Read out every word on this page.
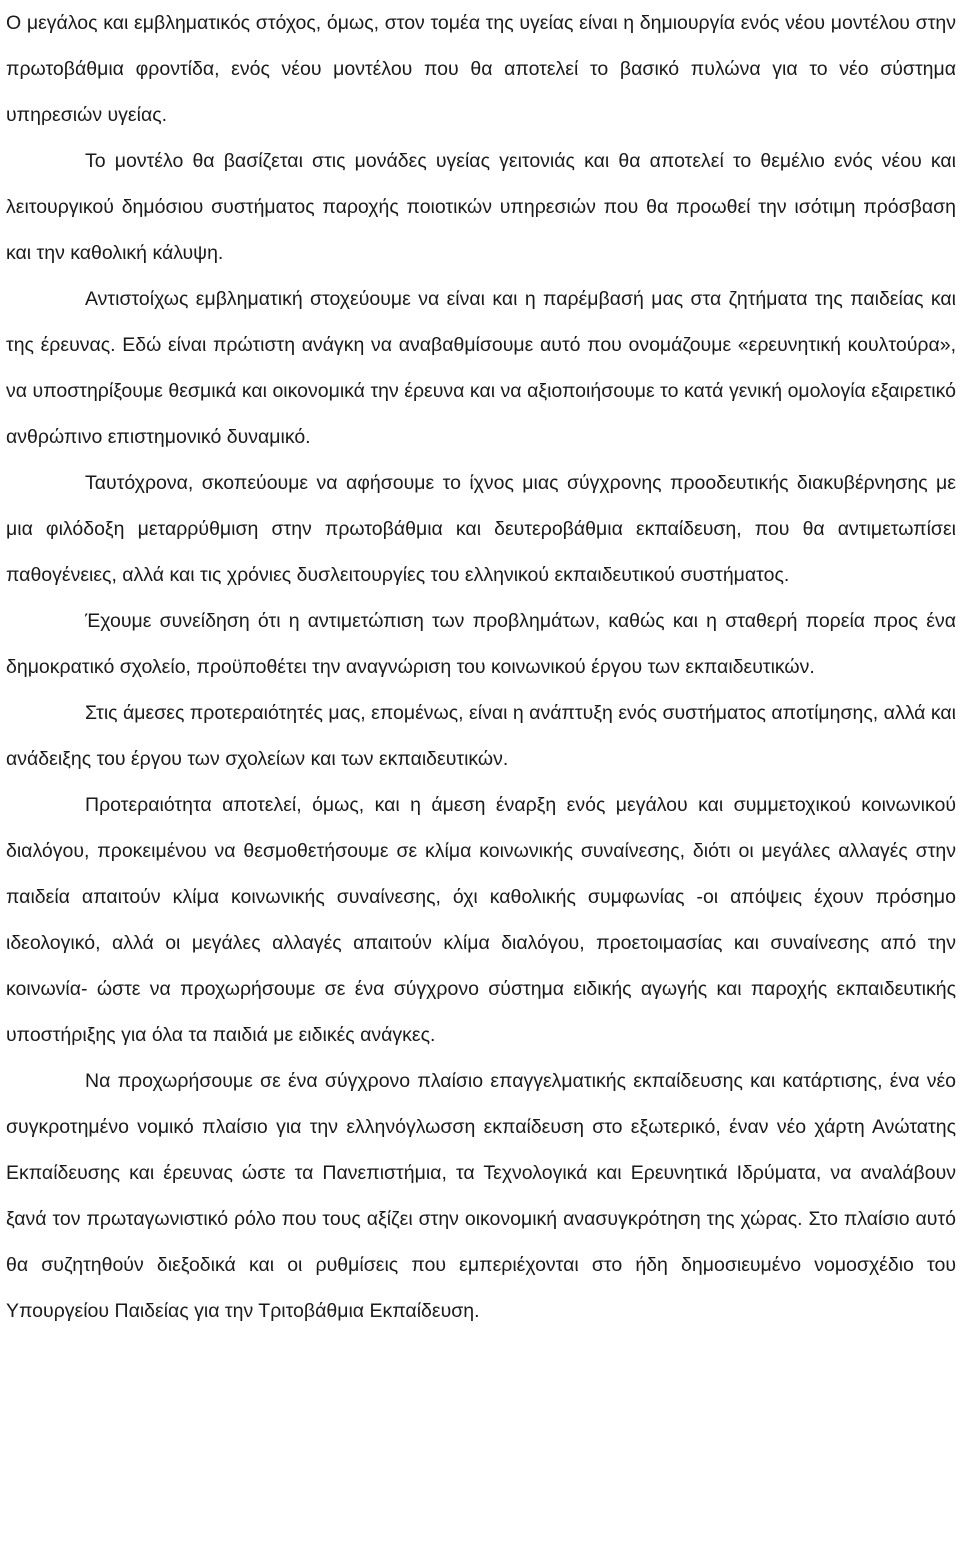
Ο μεγάλος και εμβληματικός στόχος, όμως, στον τομέα της υγείας είναι η δημιουργία ενός νέου μοντέλου στην πρωτοβάθμια φροντίδα, ενός νέου μοντέλου που θα αποτελεί το βασικό πυλώνα για το νέο σύστημα υπηρεσιών υγείας.

Το μοντέλο θα βασίζεται στις μονάδες υγείας γειτονιάς και θα αποτελεί το θεμέλιο ενός νέου και λειτουργικού δημόσιου συστήματος παροχής ποιοτικών υπηρεσιών που θα προωθεί την ισότιμη πρόσβαση και την καθολική κάλυψη.

Αντιστοίχως εμβληματική στοχεύουμε να είναι και η παρέμβασή μας στα ζητήματα της παιδείας και της έρευνας. Εδώ είναι πρώτιστη ανάγκη να αναβαθμίσουμε αυτό που ονομάζουμε «ερευνητική κουλτούρα», να υποστηρίξουμε θεσμικά και οικονομικά την έρευνα και να αξιοποιήσουμε το κατά γενική ομολογία εξαιρετικό ανθρώπινο επιστημονικό δυναμικό.

Ταυτόχρονα, σκοπεύουμε να αφήσουμε το ίχνος μιας σύγχρονης προοδευτικής διακυβέρνησης με μια φιλόδοξη μεταρρύθμιση στην πρωτοβάθμια και δευτεροβάθμια εκπαίδευση, που θα αντιμετωπίσει παθογένειες, αλλά και τις χρόνιες δυσλειτουργίες του ελληνικού εκπαιδευτικού συστήματος.

Έχουμε συνείδηση ότι η αντιμετώπιση των προβλημάτων, καθώς και η σταθερή πορεία προς ένα δημοκρατικό σχολείο, προϋποθέτει την αναγνώριση του κοινωνικού έργου των εκπαιδευτικών.

Στις άμεσες προτεραιότητές μας, επομένως, είναι η ανάπτυξη ενός συστήματος αποτίμησης, αλλά και ανάδειξης του έργου των σχολείων και των εκπαιδευτικών.

Προτεραιότητα αποτελεί, όμως, και η άμεση έναρξη ενός μεγάλου και συμμετοχικού κοινωνικού διαλόγου, προκειμένου να θεσμοθετήσουμε σε κλίμα κοινωνικής συναίνεσης, διότι οι μεγάλες αλλαγές στην παιδεία απαιτούν κλίμα κοινωνικής συναίνεσης, όχι καθολικής συμφωνίας -οι απόψεις έχουν πρόσημο ιδεολογικό, αλλά οι μεγάλες αλλαγές απαιτούν κλίμα διαλόγου, προετοιμασίας και συναίνεσης από την κοινωνία- ώστε να προχωρήσουμε σε ένα σύγχρονο σύστημα ειδικής αγωγής και παροχής εκπαιδευτικής υποστήριξης για όλα τα παιδιά με ειδικές ανάγκες.

Να προχωρήσουμε σε ένα σύγχρονο πλαίσιο επαγγελματικής εκπαίδευσης και κατάρτισης, ένα νέο συγκροτημένο νομικό πλαίσιο για την ελληνόγλωσση εκπαίδευση στο εξωτερικό, έναν νέο χάρτη Ανώτατης Εκπαίδευσης και έρευνας ώστε τα Πανεπιστήμια, τα Τεχνολογικά και Ερευνητικά Ιδρύματα, να αναλάβουν ξανά τον πρωταγωνιστικό ρόλο που τους αξίζει στην οικονομική ανασυγκρότηση της χώρας. Στο πλαίσιο αυτό θα συζητηθούν διεξοδικά και οι ρυθμίσεις που εμπεριέχονται στο ήδη δημοσιευμένο νομοσχέδιο του Υπουργείου Παιδείας για την Τριτοβάθμια Εκπαίδευση.
